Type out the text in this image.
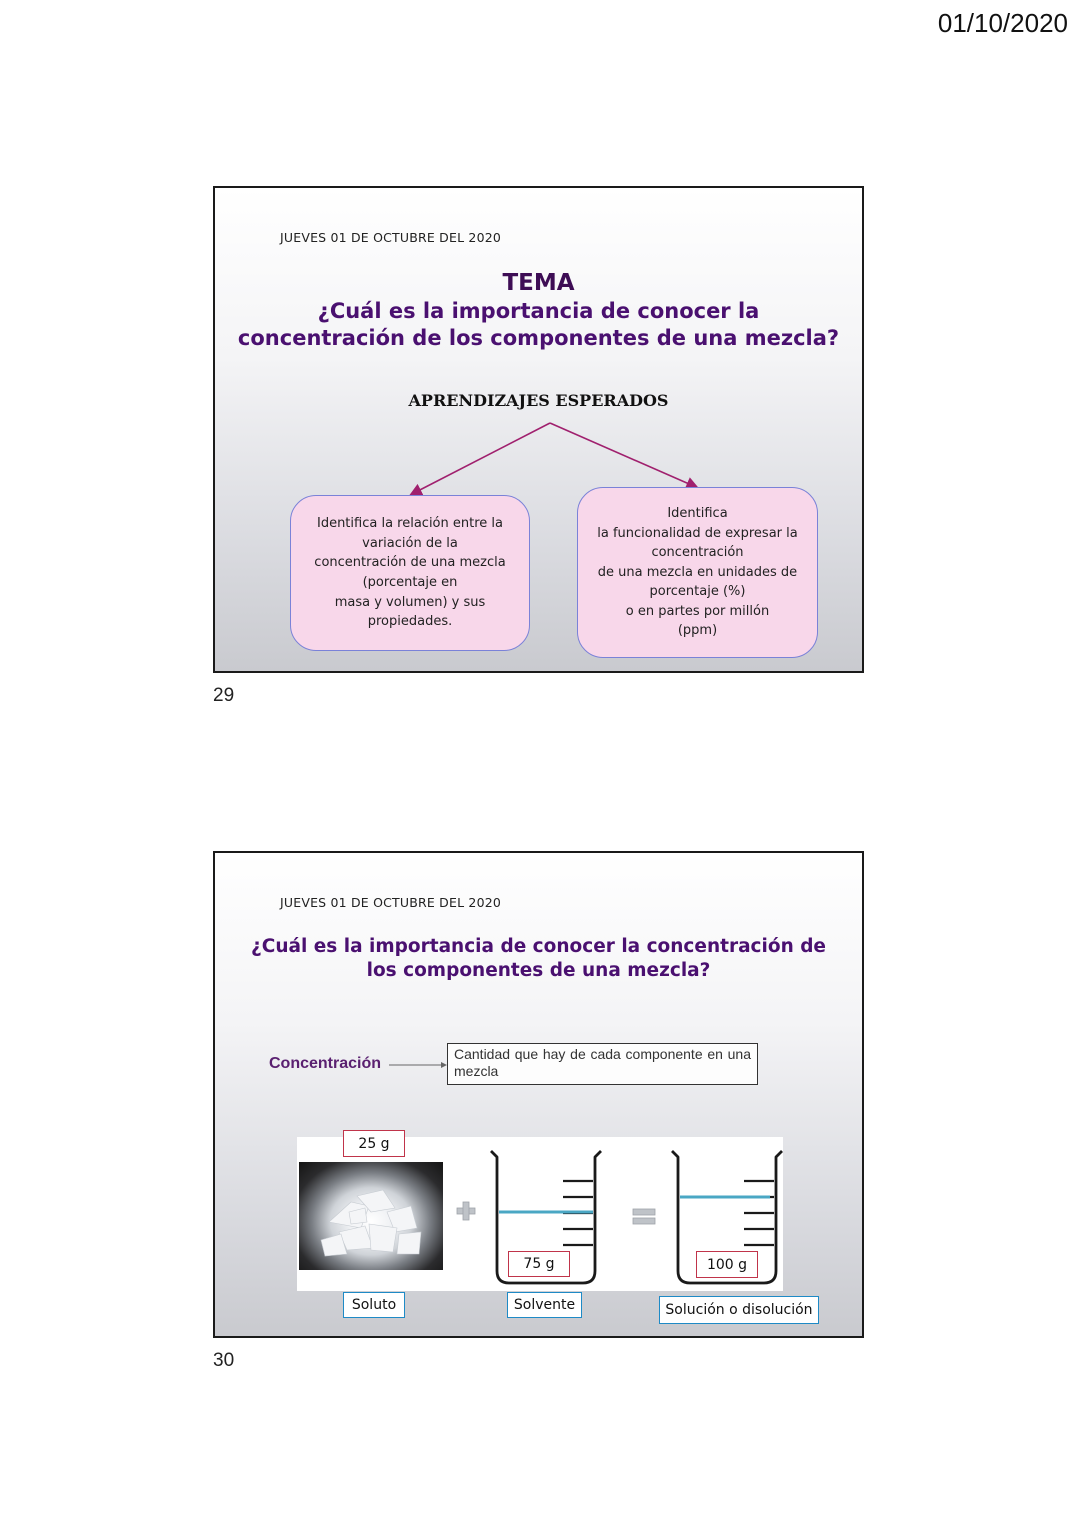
01/10/2020
JUEVES 01 DE OCTUBRE DEL 2020
TEMA
¿Cuál es la importancia de conocer la concentración de los componentes de una mezcla?
APRENDIZAJES ESPERADOS
Identifica la relación entre la
variación de la
concentración de una mezcla
(porcentaje en
masa y volumen) y sus
propiedades.
Identifica
la funcionalidad de expresar la
concentración
de una mezcla en unidades de
porcentaje (%)
o en partes por millón
(ppm)
29
JUEVES 01 DE OCTUBRE DEL 2020
¿Cuál es la importancia de conocer la concentración de los componentes de una mezcla?
Concentración
Cantidad que hay de cada componente en una mezcla
25 g
75 g	100 g
Soluto	Solvente	Solución o disolución
30
